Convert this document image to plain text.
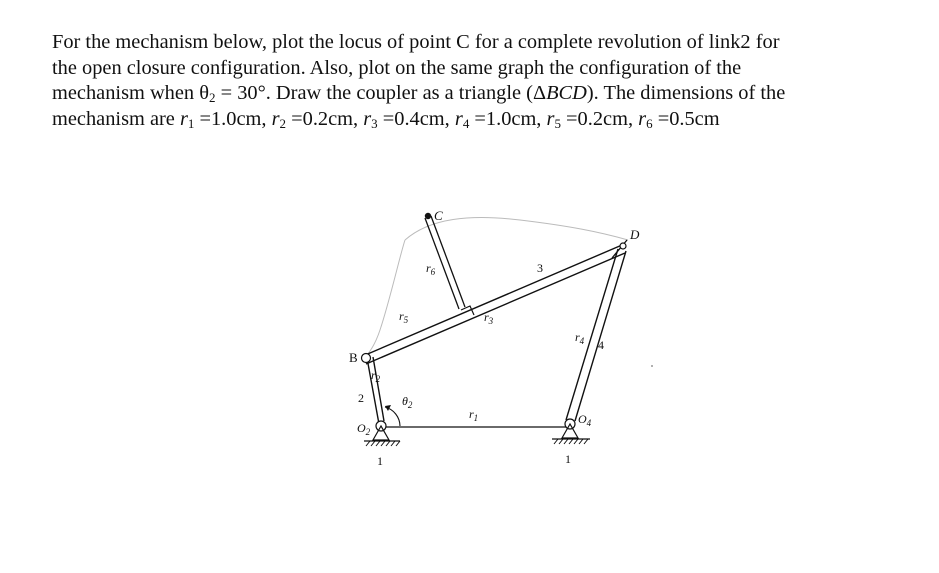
For the mechanism below, plot the locus of point C for a complete revolution of link2 for

the open closure configuration. Also, plot on the same graph the configuration of the

mechanism when $\theta_2 = 30^\circ$. Draw the coupler as a triangle (ΔBCD). The dimensions of the

mechanism are $r_1 =1.0cm$, $r_2 =0.2cm$, $r_3 =0.4cm$, $r_4 =1.0cm$, $r_5 =0.2cm$, $r_6 =0.5cm$

C
D
B
$r_6$
$r_5$	$r_3$
$r_4$
$r_2$
$r_1$
3
4
2	$\theta_2$
$O_2$
$O_4$
1	1
